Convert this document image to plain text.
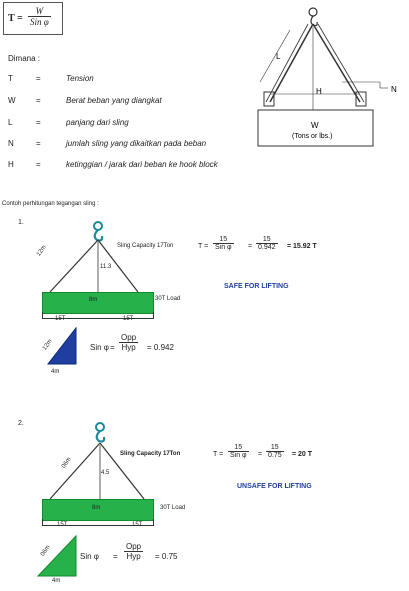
T =
W
Sin φ
Dimana :
T	=	Tension
W	=	Berat beban yang diangkat
L	=	panjang dari sling
N	=	jumlah sling yang dikaitkan pada beban
H	=	ketinggian / jarak dari beban ke hook block
L
H	N
W
(Tons or lbs.)
Contoh perhitungan tegangan sling :
1.
12m
11.3
Sling Capacity 17Ton
8m	30T Load
15T	15T
12m
4m
T =
15
Sin $\varphi = \frac{15}{0.942} = 15.92$ T
SAFE FOR LIFTING
Sin φ =
Opp
Hyp	= 0.942
2.
06m
4.5
Sling Capacity 17Ton
8m	30T Load
15T	15T
06m
4m
T =
15
Sin $\varphi = \frac{15}{0.75} = 20$ T
UNSAFE FOR LIFTING
Sin φ =
Opp
Hyp	= 0.75
